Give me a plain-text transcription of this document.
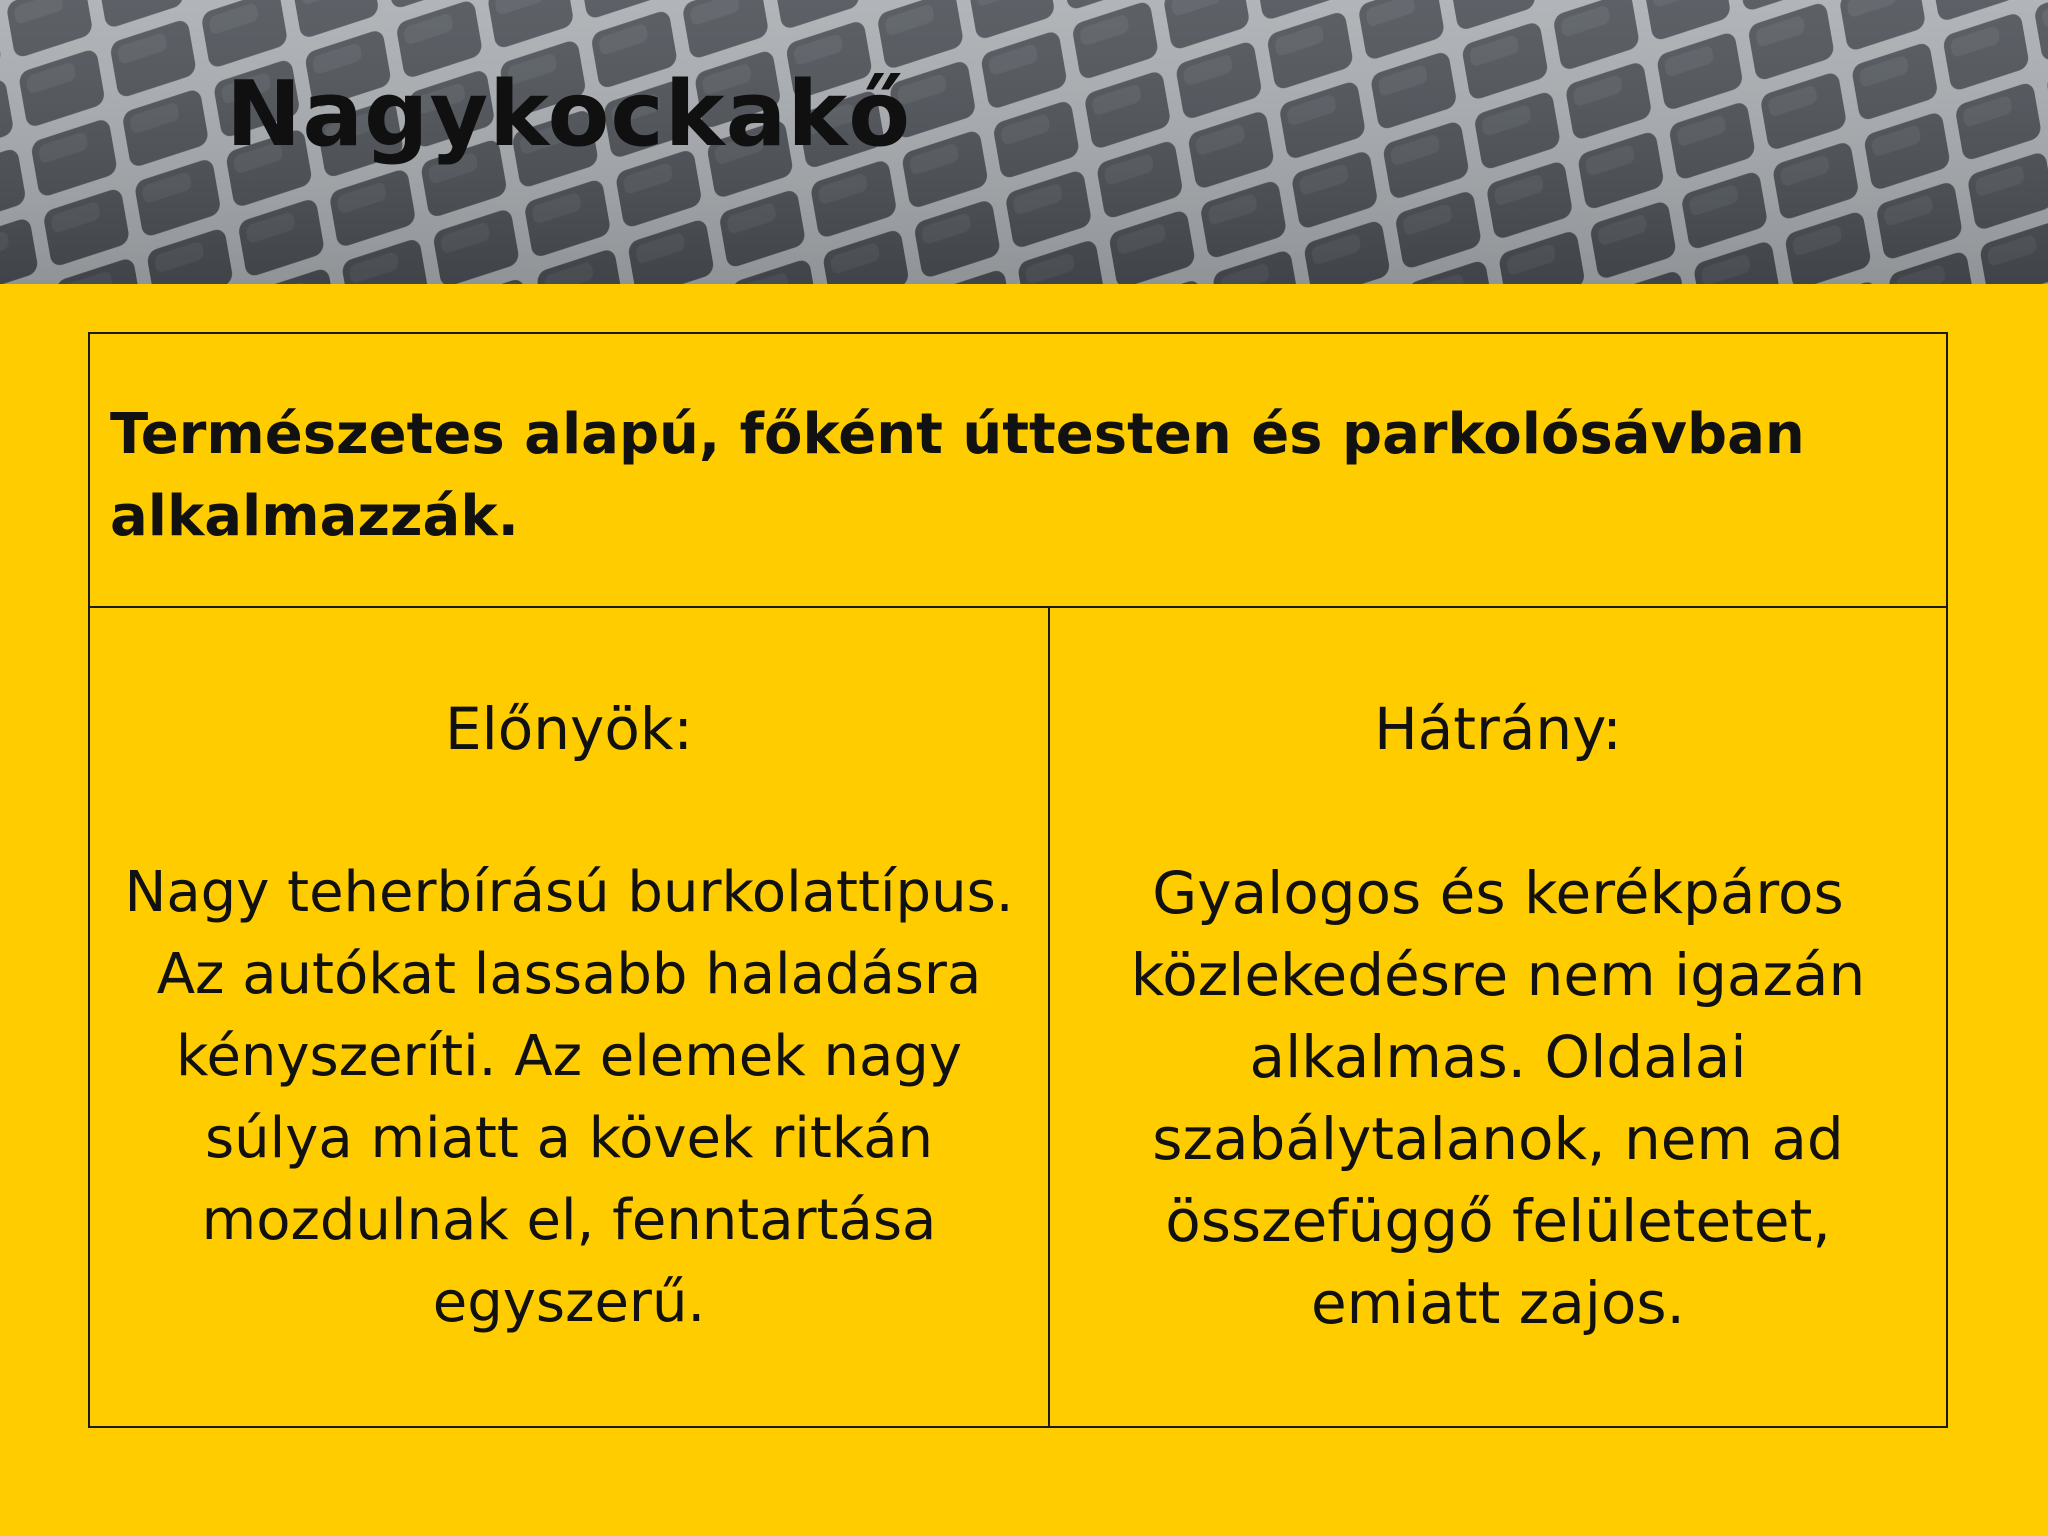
Nagykockakő

Természetes alapú, főként úttesten és parkolósávban alkalmazzák.

Előnyök:

Nagy teherbírású burkolattípus. Az autókat lassabb haladásra kényszeríti. Az elemek nagy súlya miatt a kövek ritkán mozdulnak el, fenntartása egyszerű.

Hátrány:

Gyalogos és kerékpáros közlekedésre nem igazán alkalmas. Oldalai szabálytalanok, nem ad összefüggő felületetet, emiatt zajos.
